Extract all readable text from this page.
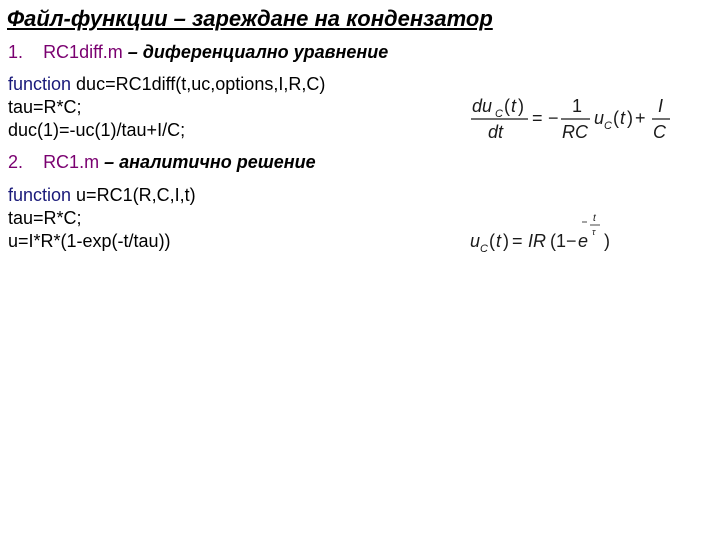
Файл-функции – зареждане на кондензатор
1. RC1diff.m – диференциално уравнение
function duc=RC1diff(t,uc,options,I,R,C)
tau=R*C;
duc(1)=-uc(1)/tau+I/C;
du C ( t )
dt
= −
1
RC
u C ( t ) +
I
C
2. RC1.m – аналитично решение
function u=RC1(R,C,I,t)
tau=R*C;
u=I*R*(1-exp(-t/tau))
t
τ
u C ( t ) = IR (1 − e )
